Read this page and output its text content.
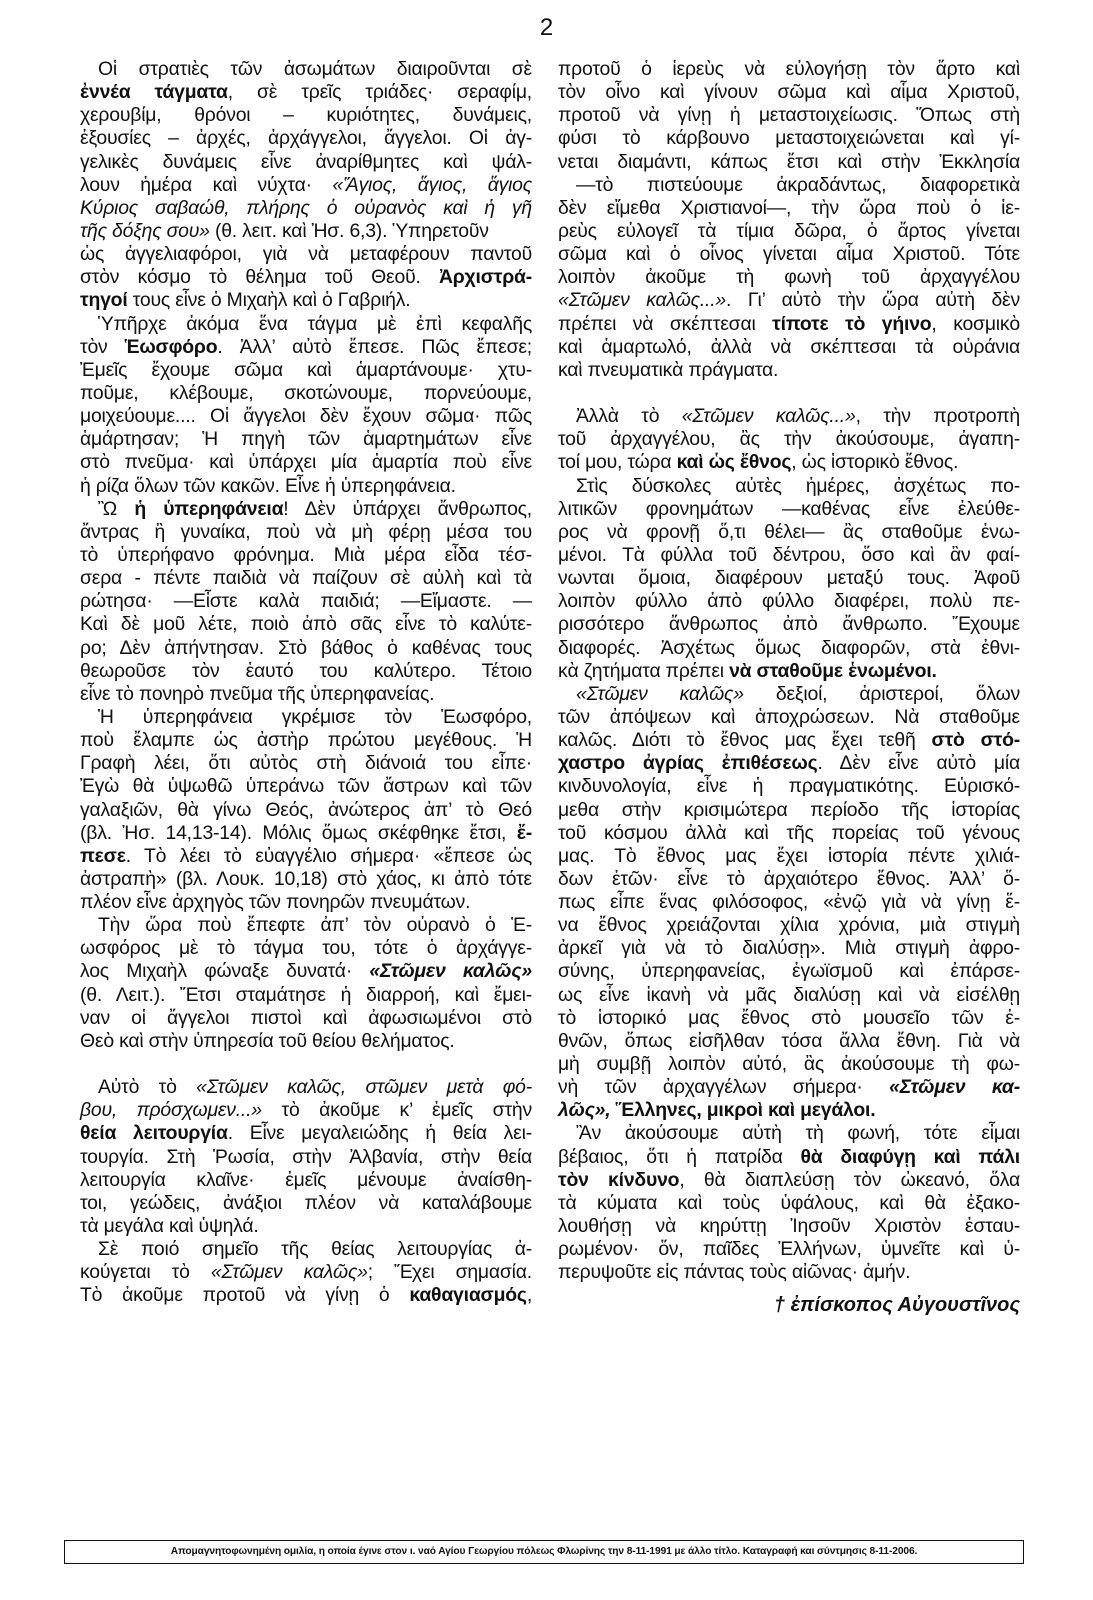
2
Οἱ στρατιὲς τῶν ἀσωμάτων διαιροῦνται σὲ
ἐννέα τάγματα, σὲ τρεῖς τριάδες· σεραφίμ,
χερουβίμ, θρόνοι – κυριότητες, δυνάμεις,
ἐξουσίες – ἀρχές, ἀρχάγγελοι, ἄγγελοι. Οἱ ἀγ-
γελικὲς δυνάμεις εἶνε ἀναρίθμητες καὶ ψάλ-
λουν ἡμέρα καὶ νύχτα· «Ἅγιος, ἅγιος, ἅγιος
Κύριος σαβαώθ, πλήρης ὁ οὐρανὸς καὶ ἡ γῆ
τῆς δόξης σου» (θ. λειτ. καὶ Ἠσ. 6,3). Ὑπηρετοῦν
ὡς ἀγγελιαφόροι, γιὰ νὰ μεταφέρουν παντοῦ
στὸν κόσμο τὸ θέλημα τοῦ Θεοῦ. Ἀρχιστρά-
τηγοί τους εἶνε ὁ Μιχαὴλ καὶ ὁ Γαβριήλ.
Ὑπῆρχε ἀκόμα ἕνα τάγμα μὲ ἐπὶ κεφαλῆς
τὸν Ἑωσφόρο. Ἀλλ’ αὐτὸ ἔπεσε. Πῶς ἔπεσε;
Ἐμεῖς ἔχουμε σῶμα καὶ ἁμαρτάνουμε· χτυ-
ποῦμε, κλέβουμε, σκοτώνουμε, πορνεύουμε,
μοιχεύουμε.... Οἱ ἄγγελοι δὲν ἔχουν σῶμα· πῶς
ἁμάρτησαν; Ἡ πηγὴ τῶν ἁμαρτημάτων εἶνε
στὸ πνεῦμα· καὶ ὑπάρχει μία ἁμαρτία ποὺ εἶνε
ἡ ρίζα ὅλων τῶν κακῶν. Εἶνε ἡ ὑπερηφάνεια.
Ὢ ἡ ὑπερηφάνεια! Δὲν ὑπάρχει ἄνθρωπος,
ἄντρας ἢ γυναίκα, ποὺ νὰ μὴ φέρῃ μέσα του
τὸ ὑπερήφανο φρόνημα. Μιὰ μέρα εἶδα τέσ-
σερα - πέντε παιδιὰ νὰ παίζουν σὲ αὐλὴ καὶ τὰ
ρώτησα· —Εἶστε καλὰ παιδιά; —Εἴμαστε. —
Καὶ δὲ μοῦ λέτε, ποιὸ ἀπὸ σᾶς εἶνε τὸ καλύτε-
ρο; Δὲν ἀπήντησαν. Στὸ βάθος ὁ καθένας τους
θεωροῦσε τὸν ἑαυτό του καλύτερο. Τέτοιο
εἶνε τὸ πονηρὸ πνεῦμα τῆς ὑπερηφανείας.
Ἡ ὑπερηφάνεια γκρέμισε τὸν Ἑωσφόρο,
ποὺ ἔλαμπε ὡς ἀστὴρ πρώτου μεγέθους. Ἡ
Γραφὴ λέει, ὅτι αὐτὸς στὴ διάνοιά του εἶπε·
Ἐγὼ θὰ ὑψωθῶ ὑπεράνω τῶν ἄστρων καὶ τῶν
γαλαξιῶν, θὰ γίνω Θεός, ἀνώτερος ἀπ’ τὸ Θεό
(βλ. Ἠσ. 14,13-14). Μόλις ὅμως σκέφθηκε ἔτσι, ἔ-
πεσε. Τὸ λέει τὸ εὐαγγέλιο σήμερα· «ἔπεσε ὡς
ἀστραπὴ» (βλ. Λουκ. 10,18) στὸ χάος, κι ἀπὸ τότε
πλέον εἶνε ἀρχηγὸς τῶν πονηρῶν πνευμάτων.
Τὴν ὥρα ποὺ ἔπεφτε ἀπ’ τὸν οὐρανὸ ὁ Ἑ-
ωσφόρος μὲ τὸ τάγμα του, τότε ὁ ἀρχάγγε-
λος Μιχαὴλ φώναξε δυνατά· «Στῶμεν καλῶς»
(θ. Λειτ.). Ἔτσι σταμάτησε ἡ διαρροή, καὶ ἔμει-
ναν οἱ ἄγγελοι πιστοὶ καὶ ἀφωσιωμένοι στὸ
Θεὸ καὶ στὴν ὑπηρεσία τοῦ θείου θελήματος.
Αὐτὸ τὸ «Στῶμεν καλῶς, στῶμεν μετὰ φό-
βου, πρόσχωμεν...» τὸ ἀκοῦμε κ’ ἐμεῖς στὴν
θεία λειτουργία. Εἶνε μεγαλειώδης ἡ θεία λει-
τουργία. Στὴ Ῥωσία, στὴν Ἀλβανία, στὴν θεία
λειτουργία κλαῖνε· ἐμεῖς μένουμε ἀναίσθη-
τοι, γεώδεις, ἀνάξιοι πλέον νὰ καταλάβουμε
τὰ μεγάλα καὶ ὑψηλά.
Σὲ ποιό σημεῖο τῆς θείας λειτουργίας ἀ-
κούγεται τὸ «Στῶμεν καλῶς»; Ἔχει σημασία.
Τὸ ἀκοῦμε προτοῦ νὰ γίνῃ ὁ καθαγιασμός,
προτοῦ ὁ ἱερεὺς νὰ εὐλογήσῃ τὸν ἄρτο καὶ
τὸν οἶνο καὶ γίνουν σῶμα καὶ αἷμα Χριστοῦ,
προτοῦ νὰ γίνῃ ἡ μεταστοιχείωσις. Ὅπως στὴ
φύσι τὸ κάρβουνο μεταστοιχειώνεται καὶ γί-
νεται διαμάντι, κάπως ἔτσι καὶ στὴν Ἐκκλησία
—τὸ πιστεύουμε ἀκραδάντως, διαφορετικὰ
δὲν εἴμεθα Χριστιανοί—, τὴν ὥρα ποὺ ὁ ἱε-
ρεὺς εὐλογεῖ τὰ τίμια δῶρα, ὁ ἄρτος γίνεται
σῶμα καὶ ὁ οἶνος γίνεται αἷμα Χριστοῦ. Τότε
λοιπὸν ἀκοῦμε τὴ φωνὴ τοῦ ἀρχαγγέλου
«Στῶμεν καλῶς...». Γι’ αὐτὸ τὴν ὥρα αὐτὴ δὲν
πρέπει νὰ σκέπτεσαι τίποτε τὸ γήινο, κοσμικὸ
καὶ ἁμαρτωλό, ἀλλὰ νὰ σκέπτεσαι τὰ οὐράνια
καὶ πνευματικὰ πράγματα.
Ἀλλὰ τὸ «Στῶμεν καλῶς...», τὴν προτροπὴ
τοῦ ἀρχαγγέλου, ἂς τὴν ἀκούσουμε, ἀγαπη-
τοί μου, τώρα καὶ ὡς ἔθνος, ὡς ἱστορικὸ ἔθνος.
Στὶς δύσκολες αὐτὲς ἡμέρες, ἀσχέτως πο-
λιτικῶν φρονημάτων —καθένας εἶνε ἐλεύθε-
ρος νὰ φρονῇ ὅ,τι θέλει— ἂς σταθοῦμε ἑνω-
μένοι. Τὰ φύλλα τοῦ δέντρου, ὅσο καὶ ἂν φαί-
νωνται ὅμοια, διαφέρουν μεταξύ τους. Ἀφοῦ
λοιπὸν φύλλο ἀπὸ φύλλο διαφέρει, πολὺ πε-
ρισσότερο ἄνθρωπος ἀπὸ ἄνθρωπο. Ἔχουμε
διαφορές. Ἀσχέτως ὅμως διαφορῶν, στὰ ἐθνι-
κὰ ζητήματα πρέπει νὰ σταθοῦμε ἑνωμένοι.
«Στῶμεν καλῶς» δεξιοί, ἀριστεροί, ὅλων
τῶν ἀπόψεων καὶ ἀποχρώσεων. Νὰ σταθοῦμε
καλῶς. Διότι τὸ ἔθνος μας ἔχει τεθῆ στὸ στό-
χαστρο ἀγρίας ἐπιθέσεως. Δὲν εἶνε αὐτὸ μία
κινδυνολογία, εἶνε ἡ πραγματικότης. Εὑρισκό-
μεθα στὴν κρισιμώτερα περίοδο τῆς ἱστορίας
τοῦ κόσμου ἀλλὰ καὶ τῆς πορείας τοῦ γένους
μας. Τὸ ἔθνος μας ἔχει ἱστορία πέντε χιλιά-
δων ἐτῶν· εἶνε τὸ ἀρχαιότερο ἔθνος. Ἀλλ’ ὅ-
πως εἶπε ἕνας φιλόσοφος, «ἐνῷ γιὰ νὰ γίνῃ ἕ-
να ἔθνος χρειάζονται χίλια χρόνια, μιὰ στιγμὴ
ἀρκεῖ γιὰ νὰ τὸ διαλύσῃ». Μιὰ στιγμὴ ἀφρο-
σύνης, ὑπερηφανείας, ἐγωϊσμοῦ καὶ ἐπάρσε-
ως εἶνε ἱκανὴ νὰ μᾶς διαλύσῃ καὶ νὰ εἰσέλθῃ
τὸ ἱστορικό μας ἔθνος στὸ μουσεῖο τῶν ἐ-
θνῶν, ὅπως εἰσῆλθαν τόσα ἄλλα ἔθνη. Γιὰ νὰ
μὴ συμβῇ λοιπὸν αὐτό, ἂς ἀκούσουμε τὴ φω-
νὴ τῶν ἀρχαγγέλων σήμερα· «Στῶμεν κα-
λῶς», Ἕλληνες, μικροὶ καὶ μεγάλοι.
Ἂν ἀκούσουμε αὐτὴ τὴ φωνή, τότε εἶμαι
βέβαιος, ὅτι ἡ πατρίδα θὰ διαφύγῃ καὶ πάλι
τὸν κίνδυνο, θὰ διαπλεύσῃ τὸν ὠκεανό, ὅλα
τὰ κύματα καὶ τοὺς ὑφάλους, καὶ θὰ ἐξακο-
λουθήσῃ νὰ κηρύττῃ Ἰησοῦν Χριστὸν ἐσταυ-
ρωμένον· ὅν, παῖδες Ἑλλήνων, ὑμνεῖτε καὶ ὑ-
περυψοῦτε εἰς πάντας τοὺς αἰῶνας· ἀμήν.
† ἐπίσκοπος Αὐγουστῖνος
Απομαγνητοφωνημένη ομιλία, η οποία έγινε στον ι. ναό Αγίου Γεωργίου πόλεως Φλωρίνης την 8-11-1991 με άλλο τίτλο. Καταγραφή και σύντμησις 8-11-2006.
